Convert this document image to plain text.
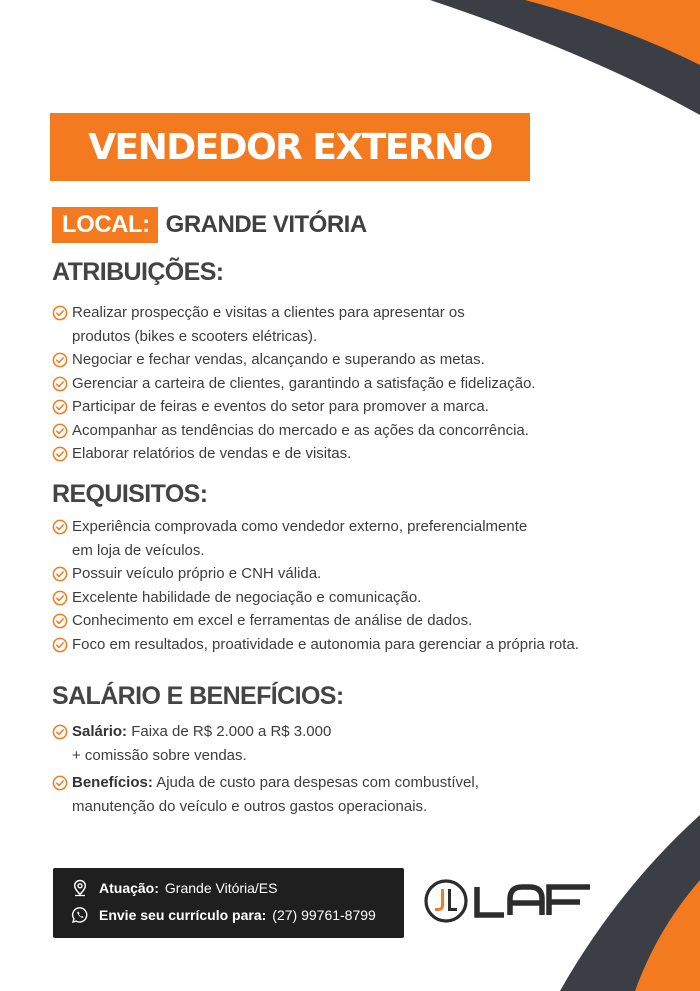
VENDEDOR EXTERNO
LOCAL: GRANDE VITÓRIA
ATRIBUIÇÕES:
Realizar prospecção e visitas a clientes para apresentar os
produtos (bikes e scooters elétricas).
Negociar e fechar vendas, alcançando e superando as metas.
Gerenciar a carteira de clientes, garantindo a satisfação e fidelização.
Participar de feiras e eventos do setor para promover a marca.
Acompanhar as tendências do mercado e as ações da concorrência.
Elaborar relatórios de vendas e de visitas.
REQUISITOS:
Experiência comprovada como vendedor externo, preferencialmente
em loja de veículos.
Possuir veículo próprio e CNH válida.
Excelente habilidade de negociação e comunicação.
Conhecimento em excel e ferramentas de análise de dados.
Foco em resultados, proatividade e autonomia para gerenciar a própria rota.
SALÁRIO E BENEFÍCIOS:
Salário: Faixa de R$ 2.000 a R$ 3.000
+ comissão sobre vendas.
Benefícios: Ajuda de custo para despesas com combustível,
manutenção do veículo e outros gastos operacionais.
Atuação: Grande Vitória/ES
Envie seu currículo para: (27) 99761-8799
